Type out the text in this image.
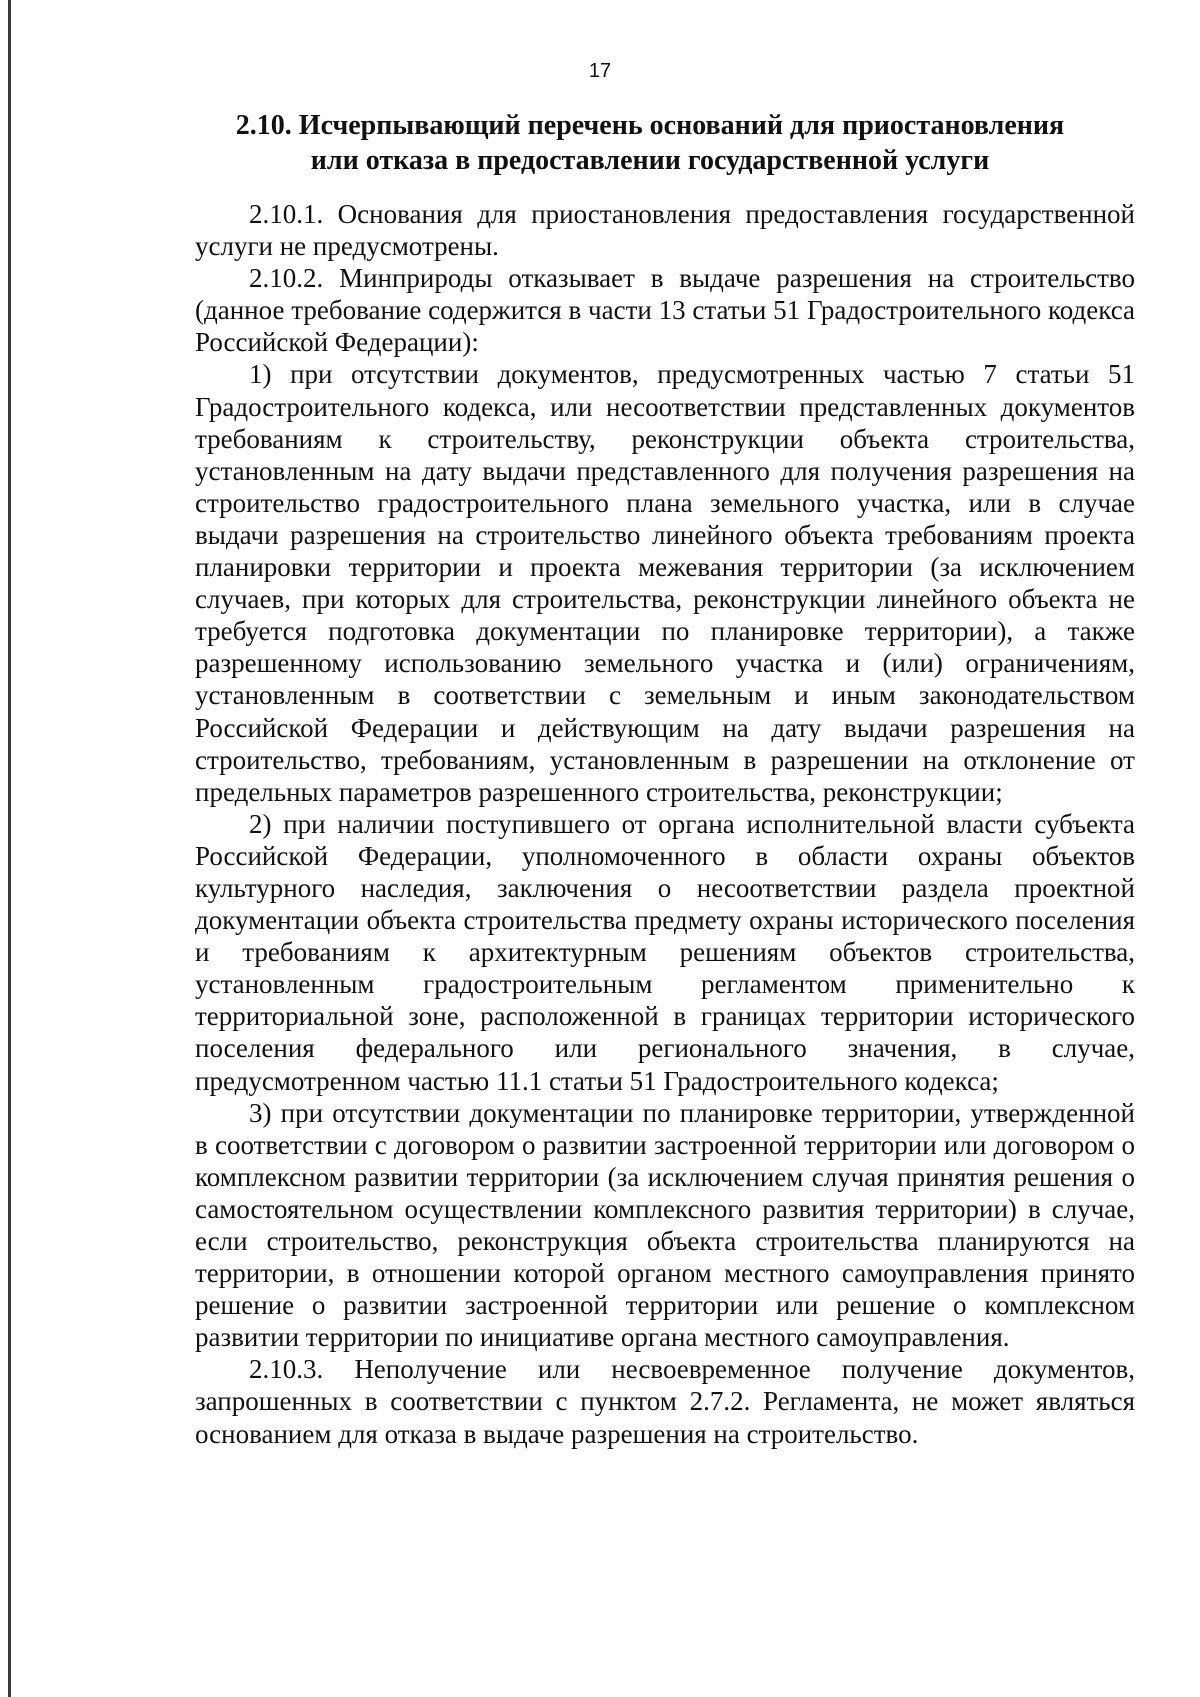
17
2.10. Исчерпывающий перечень оснований для приостановления
или отказа в предоставлении государственной услуги

2.10.1. Основания для приостановления предоставления государственной услуги не предусмотрены.

2.10.2. Минприроды отказывает в выдаче разрешения на строительство (данное требование содержится в части 13 статьи 51 Градостроительного кодекса Российской Федерации):

1) при отсутствии документов, предусмотренных частью 7 статьи 51 Градостроительного кодекса, или несоответствии представленных документов требованиям к строительству, реконструкции объекта строительства, установленным на дату выдачи представленного для получения разрешения на строительство градостроительного плана земельного участка, или в случае выдачи разрешения на строительство линейного объекта требованиям проекта планировки территории и проекта межевания территории (за исключением случаев, при которых для строительства, реконструкции линейного объекта не требуется подготовка документации по планировке территории), а также разрешенному использованию земельного участка и (или) ограничениям, установленным в соответствии с земельным и иным законодательством Российской Федерации и действующим на дату выдачи разрешения на строительство, требованиям, установленным в разрешении на отклонение от предельных параметров разрешенного строительства, реконструкции;

2) при наличии поступившего от органа исполнительной власти субъекта Российской Федерации, уполномоченного в области охраны объектов культурного наследия, заключения о несоответствии раздела проектной документации объекта строительства предмету охраны исторического поселения и требованиям к архитектурным решениям объектов строительства, установленным градостроительным регламентом применительно к территориальной зоне, расположенной в границах территории исторического поселения федерального или регионального значения, в случае, предусмотренном частью 11.1 статьи 51 Градостроительного кодекса;

3) при отсутствии документации по планировке территории, утвержденной в соответствии с договором о развитии застроенной территории или договором о комплексном развитии территории (за исключением случая принятия решения о самостоятельном осуществлении комплексного развития территории) в случае, если строительство, реконструкция объекта строительства планируются на территории, в отношении которой органом местного самоуправления принято решение о развитии застроенной территории или решение о комплексном развитии территории по инициативе органа местного самоуправления.

2.10.3. Неполучение или несвоевременное получение документов, запрошенных в соответствии с пунктом 2.7.2. Регламента, не может являться основанием для отказа в выдаче разрешения на строительство.
